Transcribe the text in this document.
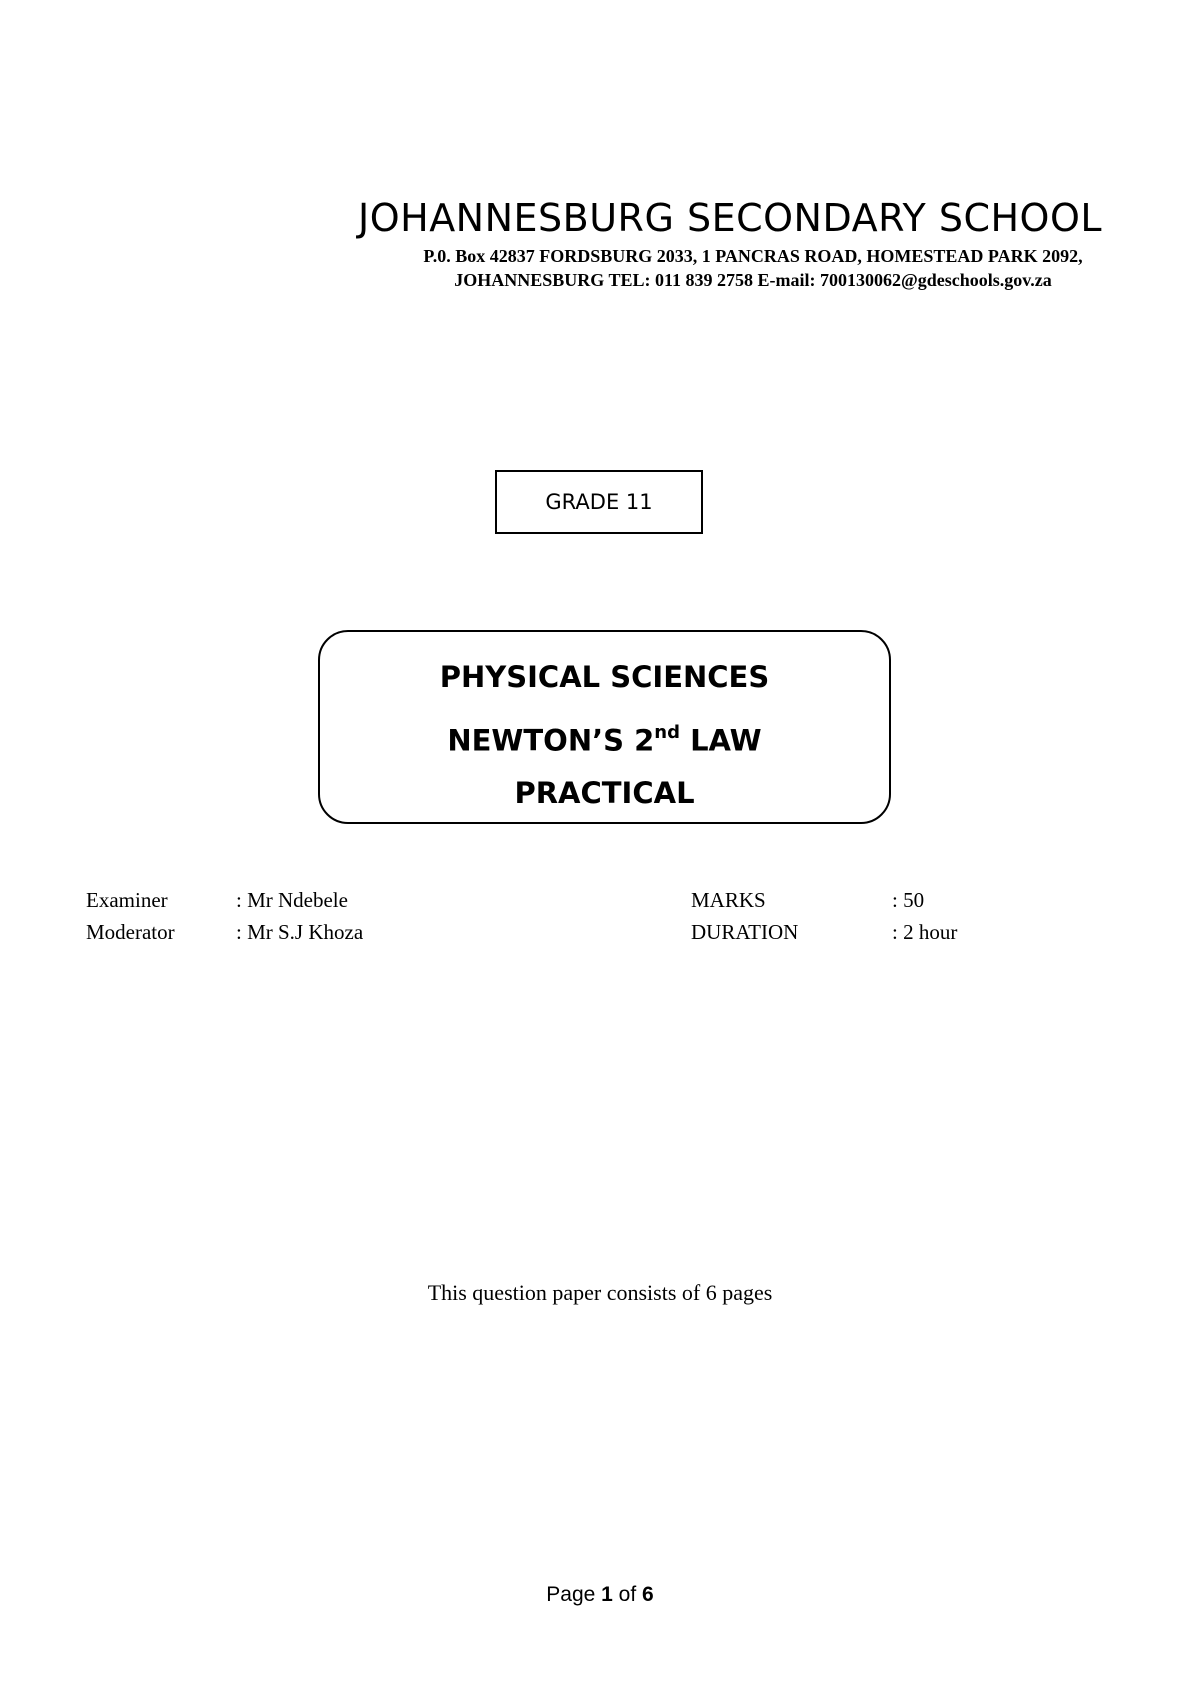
JOHANNESBURG SECONDARY SCHOOL
P.0. Box 42837 FORDSBURG 2033, 1 PANCRAS ROAD, HOMESTEAD PARK 2092,
JOHANNESBURG TEL: 011 839 2758 E-mail: 700130062@gdeschools.gov.za
GRADE 11
PHYSICAL SCIENCES
NEWTON’S 2nd LAW
PRACTICAL
Examiner	: Mr Ndebele
Moderator	: Mr S.J Khoza
MARKS	: 50
DURATION	: 2 hour
This question paper consists of 6 pages
Page 1 of 6
